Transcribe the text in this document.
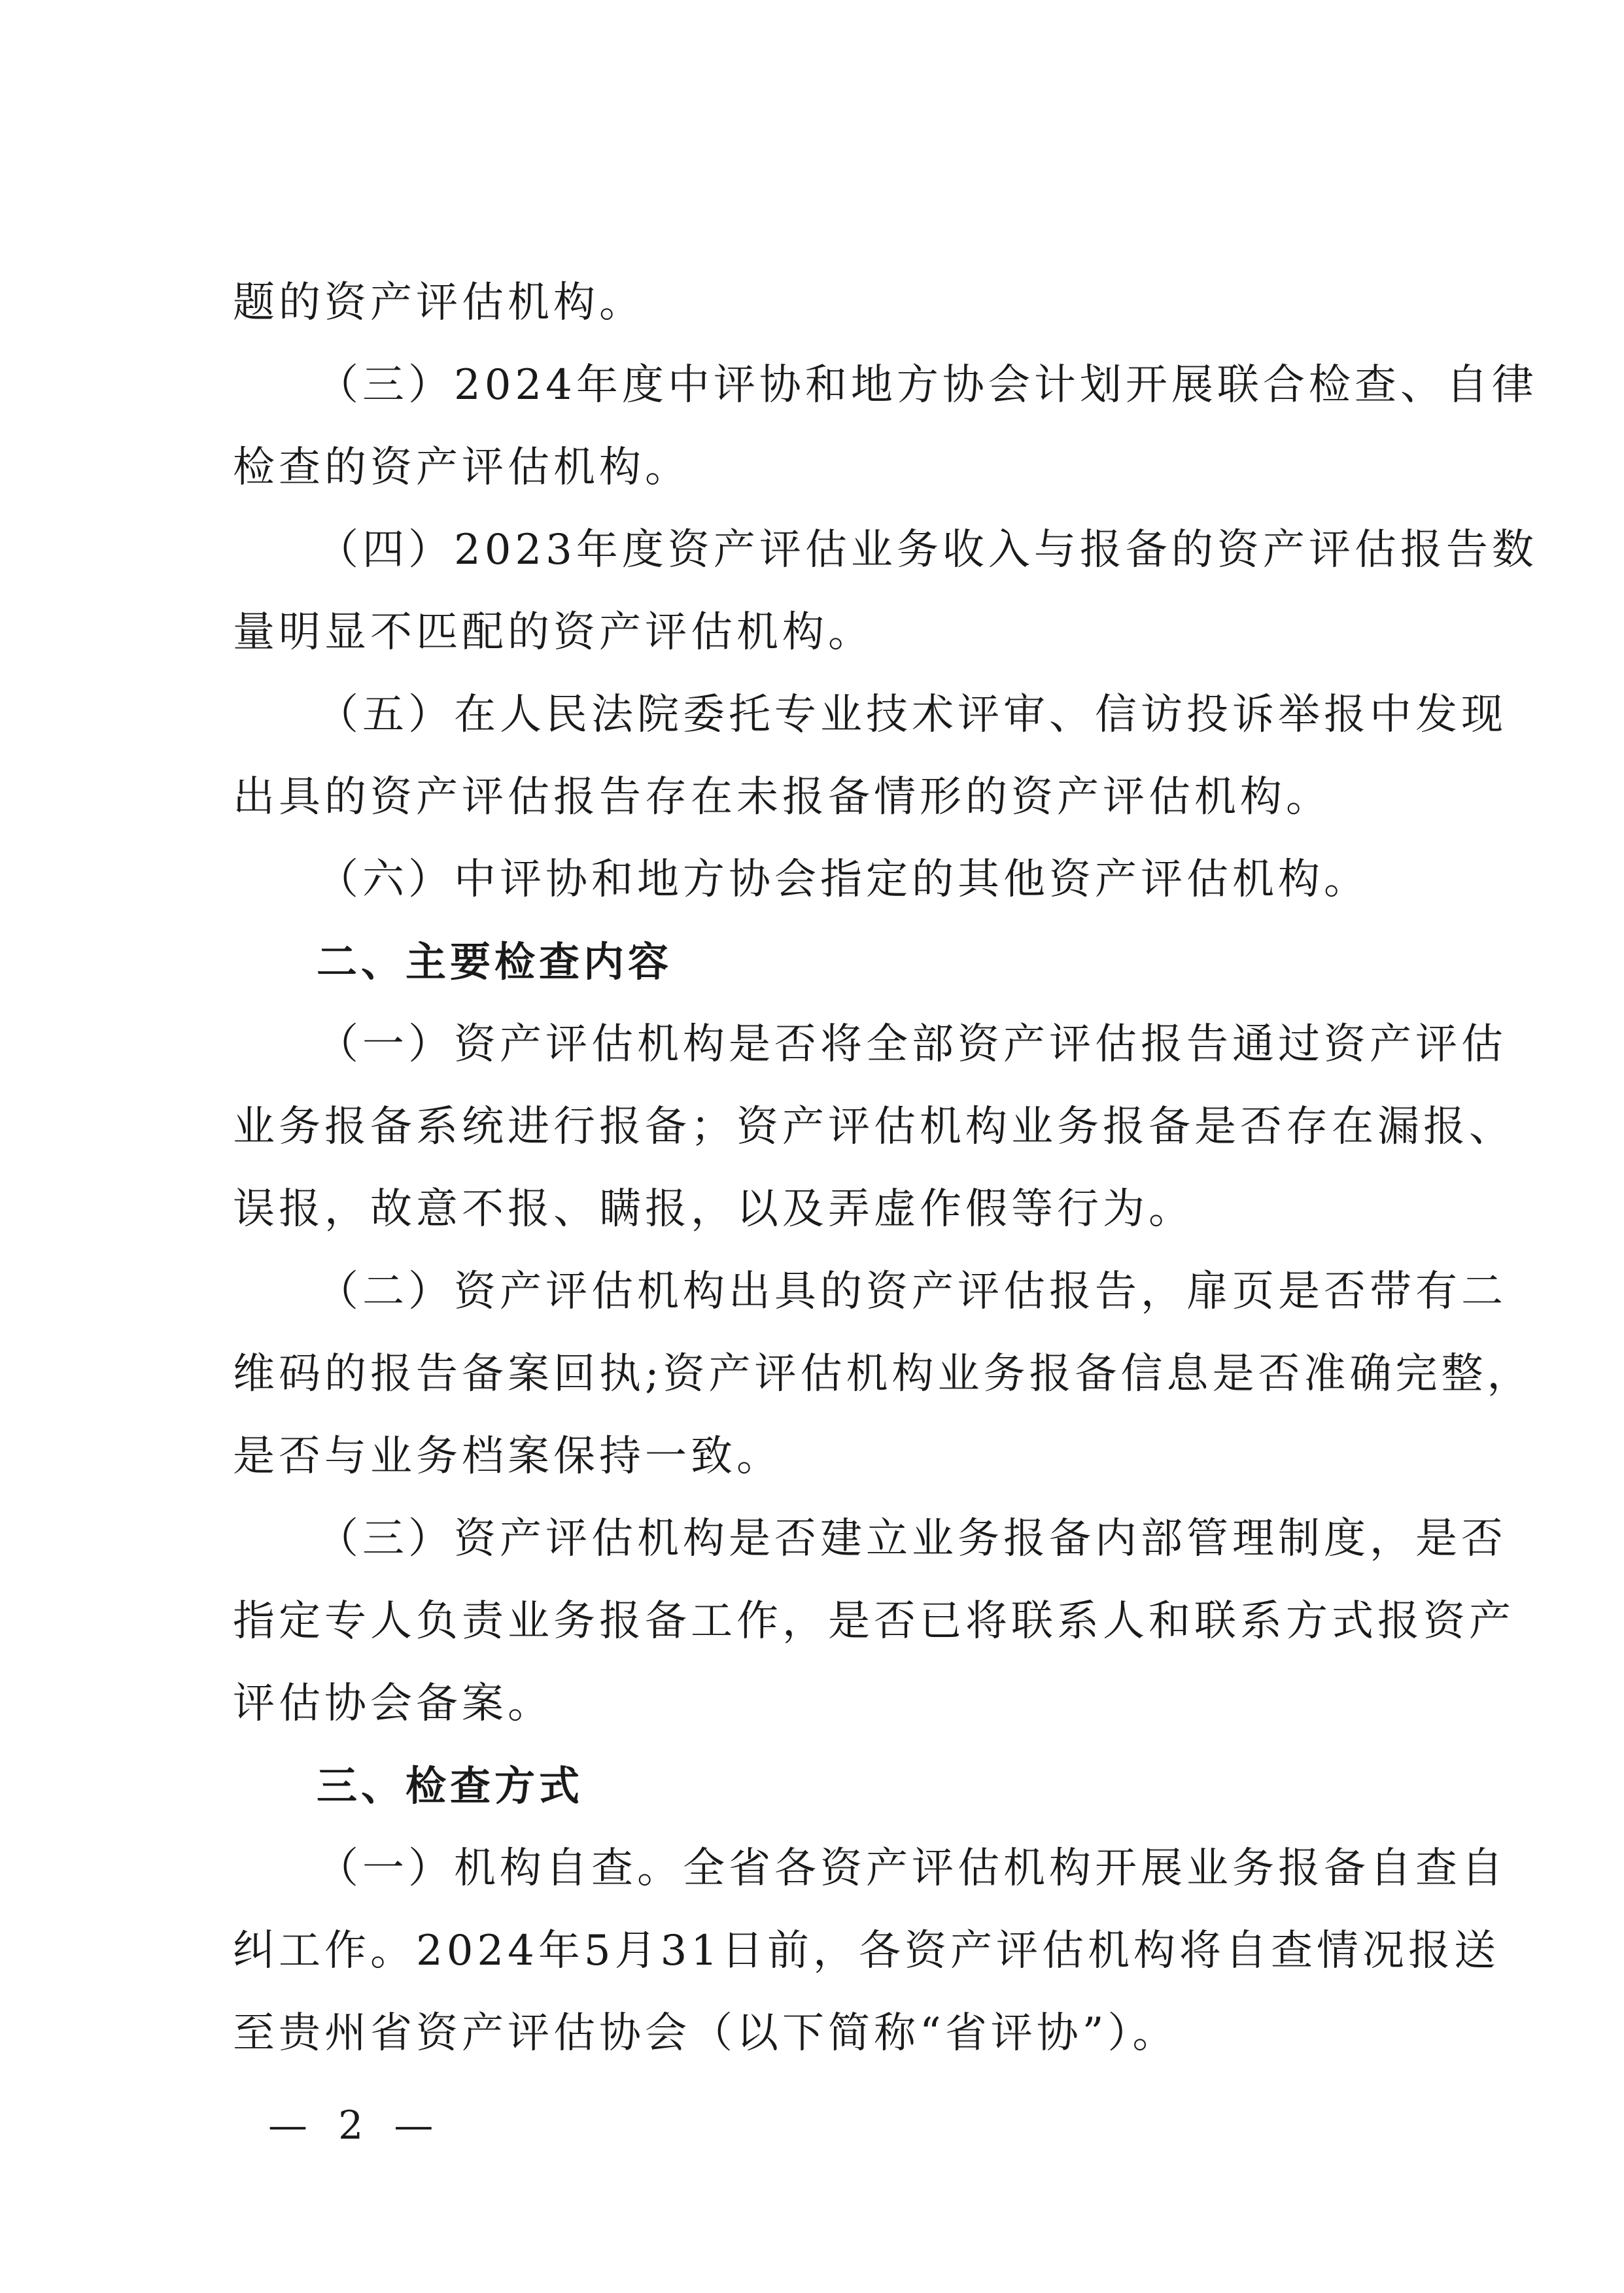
题的资产评估机构。
（三）2024年度中评协和地方协会计划开展联合检查、自律
检查的资产评估机构。
（四）2023年度资产评估业务收入与报备的资产评估报告数
量明显不匹配的资产评估机构。
（五）在人民法院委托专业技术评审、信访投诉举报中发现
出具的资产评估报告存在未报备情形的资产评估机构。
（六）中评协和地方协会指定的其他资产评估机构。
二、主要检查内容
（一）资产评估机构是否将全部资产评估报告通过资产评估
业务报备系统进行报备；资产评估机构业务报备是否存在漏报、
误报，故意不报、瞒报，以及弄虚作假等行为。
（二）资产评估机构出具的资产评估报告，扉页是否带有二
维码的报告备案回执;资产评估机构业务报备信息是否准确完整，
是否与业务档案保持一致。
（三）资产评估机构是否建立业务报备内部管理制度，是否
指定专人负责业务报备工作，是否已将联系人和联系方式报资产
评估协会备案。
三、检查方式
（一）机构自查。全省各资产评估机构开展业务报备自查自
纠工作。2024年5月31日前，各资产评估机构将自查情况报送
至贵州省资产评估协会（以下简称“省评协”）。
— 2 —
